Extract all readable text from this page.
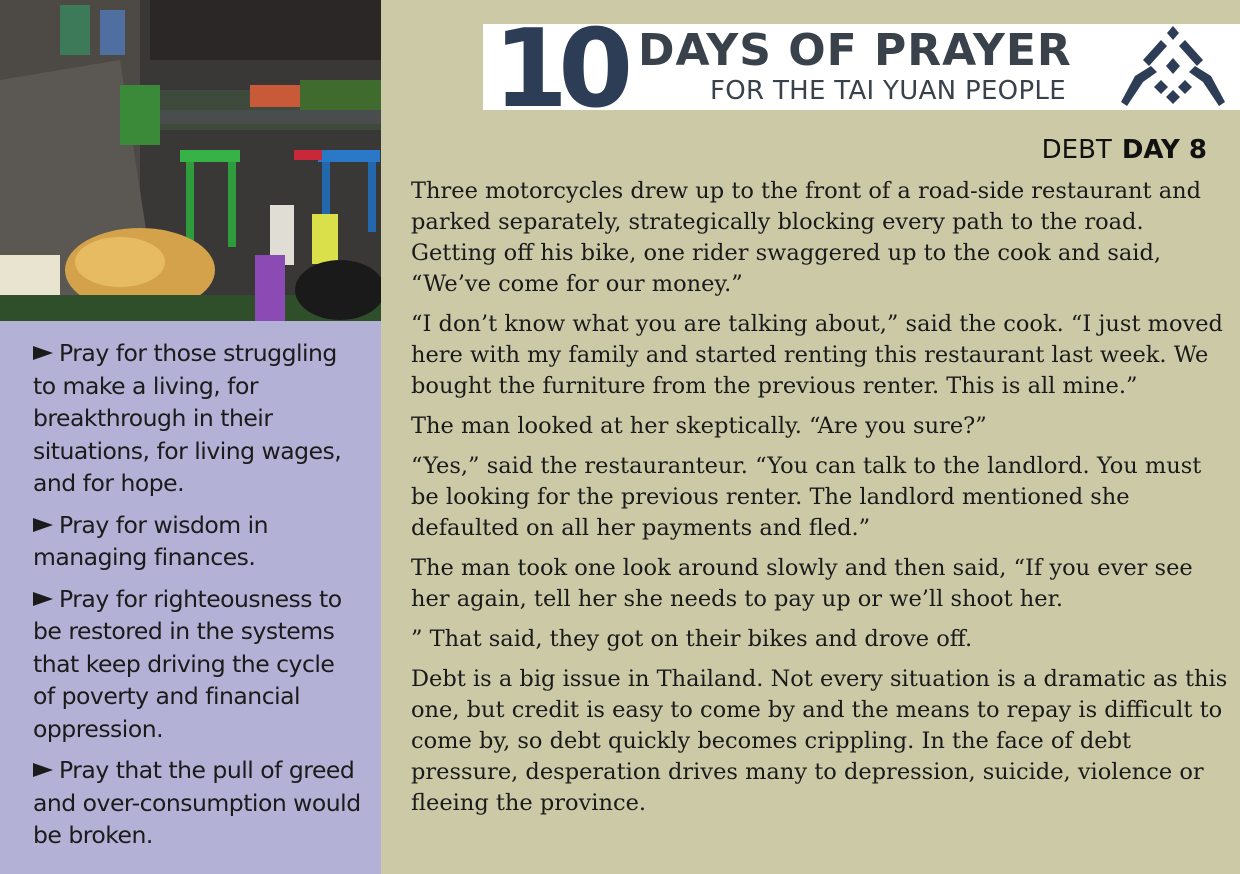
Pray for those struggling to make a living, for breakthrough in their situations, for living wages, and for hope.

Pray for wisdom in managing finances.

Pray for righteousness to be restored in the systems that keep driving the cycle of poverty and financial oppression.

Pray that the pull of greed and over-consumption would be broken.

10 DAYS OF PRAYER
FOR THE TAI YUAN PEOPLE
DEBT DAY 8

Three motorcycles drew up to the front of a road-side restaurant and parked separately, strategically blocking every path to the road. Getting off his bike, one rider swaggered up to the cook and said, “We’ve come for our money.”

“I don’t know what you are talking about,” said the cook. “I just moved here with my family and started renting this restaurant last week. We bought the furniture from the previous renter. This is all mine.”

The man looked at her skeptically. “Are you sure?”

“Yes,” said the restauranteur. “You can talk to the landlord. You must be looking for the previous renter. The landlord mentioned she defaulted on all her payments and fled.”

The man took one look around slowly and then said, “If you ever see her again, tell her she needs to pay up or we’ll shoot her.

” That said, they got on their bikes and drove off.

Debt is a big issue in Thailand. Not every situation is a dramatic as this one, but credit is easy to come by and the means to repay is difficult to come by, so debt quickly becomes crippling. In the face of debt pressure, desperation drives many to depression, suicide, violence or fleeing the province.
